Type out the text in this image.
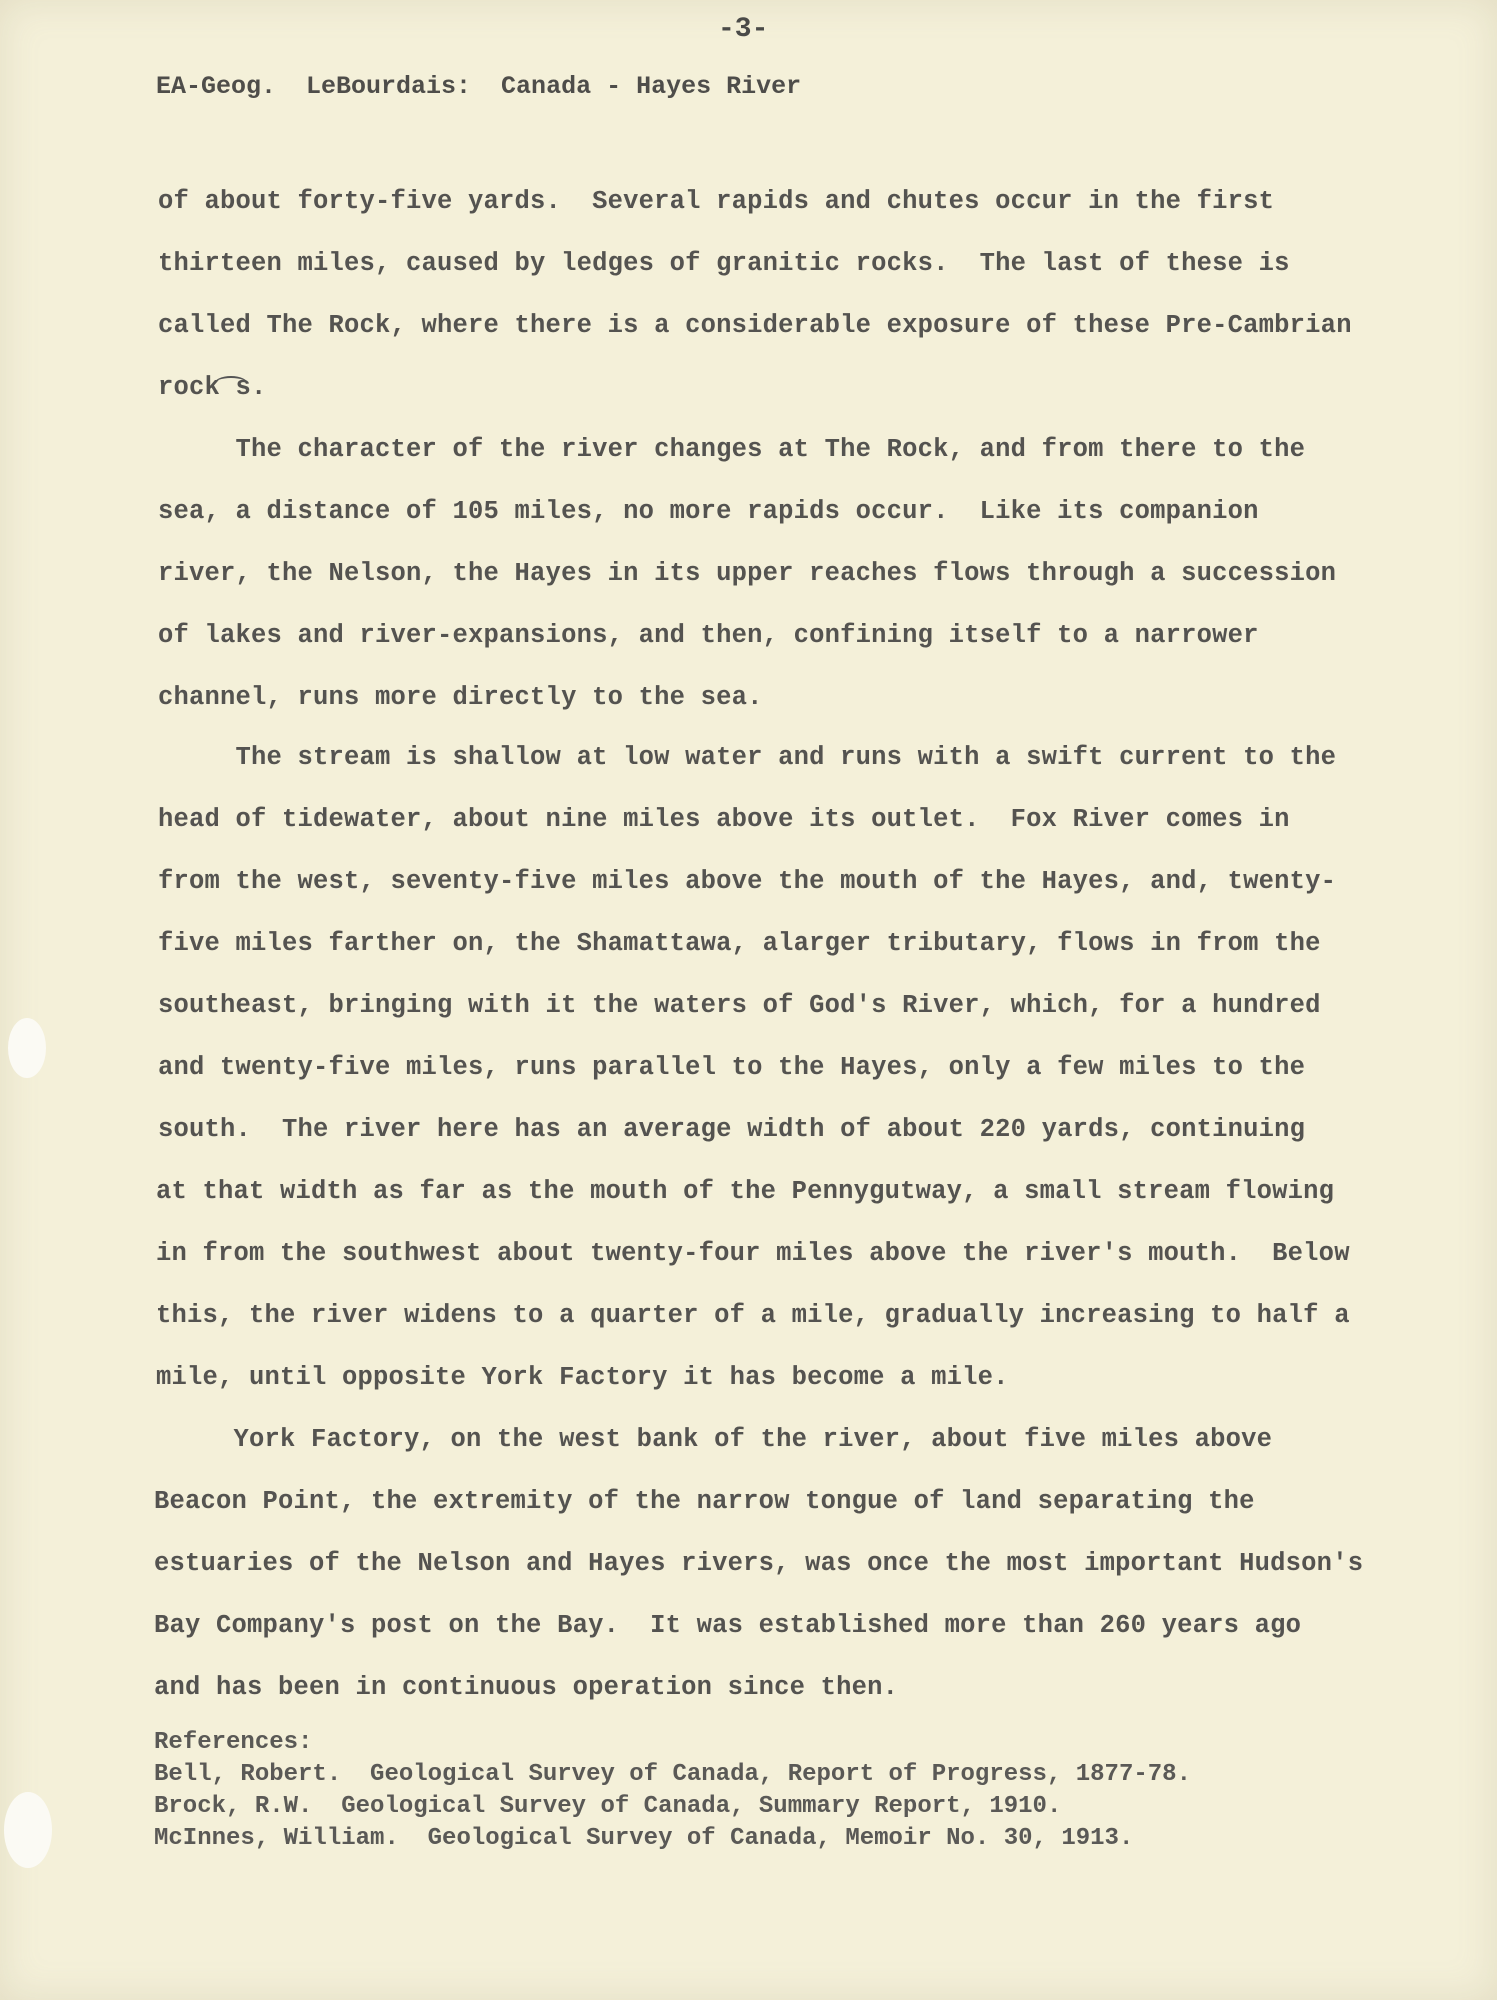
-3-
EA-Geog.  LeBourdais:  Canada - Hayes River
of about forty-five yards.  Several rapids and chutes occur in the first
thirteen miles, caused by ledges of granitic rocks.  The last of these is
called The Rock, where there is a considerable exposure of these Pre-Cambrian
rock s.
The character of the river changes at The Rock, and from there to the
sea, a distance of 105 miles, no more rapids occur.  Like its companion
river, the Nelson, the Hayes in its upper reaches flows through a succession
of lakes and river-expansions, and then, confining itself to a narrower
channel, runs more directly to the sea.
The stream is shallow at low water and runs with a swift current to the
head of tidewater, about nine miles above its outlet.  Fox River comes in
from the west, seventy-five miles above the mouth of the Hayes, and, twenty-
five miles farther on, the Shamattawa, alarger tributary, flows in from the
southeast, bringing with it the waters of God's River, which, for a hundred
and twenty-five miles, runs parallel to the Hayes, only a few miles to the
south.  The river here has an average width of about 220 yards, continuing
at that width as far as the mouth of the Pennygutway, a small stream flowing
in from the southwest about twenty-four miles above the river's mouth.  Below
this, the river widens to a quarter of a mile, gradually increasing to half a
mile, until opposite York Factory it has become a mile.
York Factory, on the west bank of the river, about five miles above
Beacon Point, the extremity of the narrow tongue of land separating the
estuaries of the Nelson and Hayes rivers, was once the most important Hudson's
Bay Company's post on the Bay.  It was established more than 260 years ago
and has been in continuous operation since then.
References:
Bell, Robert.  Geological Survey of Canada, Report of Progress, 1877-78.
Brock, R.W.  Geological Survey of Canada, Summary Report, 1910.
McInnes, William.  Geological Survey of Canada, Memoir No. 30, 1913.
